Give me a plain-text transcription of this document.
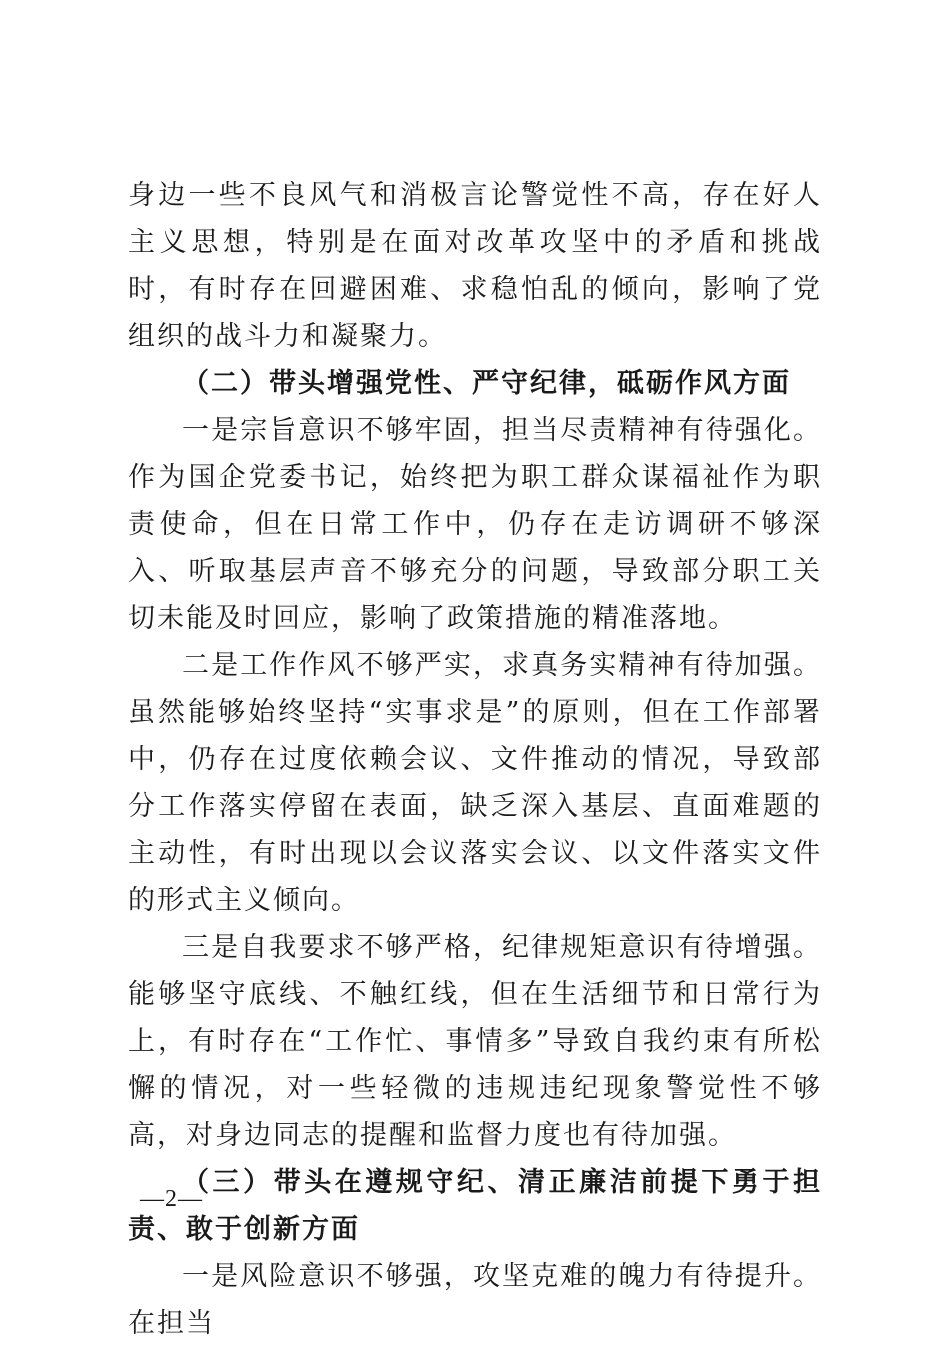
身边一些不良风气和消极言论警觉性不高，存在好人主义思想，特别是在面对改革攻坚中的矛盾和挑战时，有时存在回避困难、求稳怕乱的倾向，影响了党组织的战斗力和凝聚力。

（二）带头增强党性、严守纪律，砥砺作风方面

一是宗旨意识不够牢固，担当尽责精神有待强化。作为国企党委书记，始终把为职工群众谋福祉作为职责使命，但在日常工作中，仍存在走访调研不够深入、听取基层声音不够充分的问题，导致部分职工关切未能及时回应，影响了政策措施的精准落地。

二是工作作风不够严实，求真务实精神有待加强。虽然能够始终坚持“实事求是”的原则，但在工作部署中，仍存在过度依赖会议、文件推动的情况，导致部分工作落实停留在表面，缺乏深入基层、直面难题的主动性，有时出现以会议落实会议、以文件落实文件的形式主义倾向。

三是自我要求不够严格，纪律规矩意识有待增强。能够坚守底线、不触红线，但在生活细节和日常行为上，有时存在“工作忙、事情多”导致自我约束有所松懈的情况，对一些轻微的违规违纪现象警觉性不够高，对身边同志的提醒和监督力度也有待加强。

（三）带头在遵规守纪、清正廉洁前提下勇于担责、敢于创新方面

一是风险意识不够强，攻坚克难的魄力有待提升。在担当

—2—
